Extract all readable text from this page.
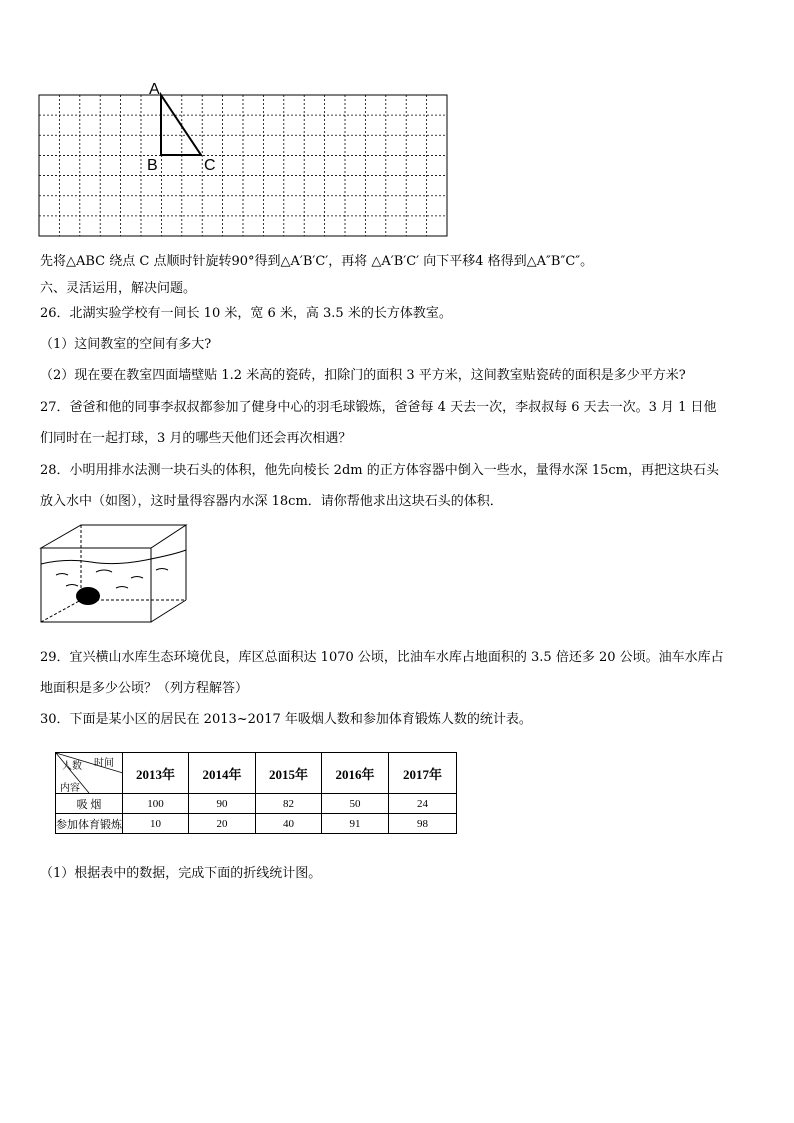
A
B	C
先将△ABC 绕点 C 点顺时针旋转90°得到△A′B′C′，再将 △A′B′C′ 向下平移4 格得到△A″B″C″。
六、灵活运用，解决问题。
26．北湖实验学校有一间长 10 米，宽 6 米，高 3.5 米的长方体教室。
（1）这间教室的空间有多大?
（2）现在要在教室四面墙壁贴 1.2 米高的瓷砖，扣除门的面积 3 平方米，这间教室贴瓷砖的面积是多少平方米?
27．爸爸和他的同事李叔叔都参加了健身中心的羽毛球锻炼，爸爸每 4 天去一次，李叔叔每 6 天去一次。3 月 1 日他
们同时在一起打球，3 月的哪些天他们还会再次相遇？
28．小明用排水法测一块石头的体积，他先向棱长 2dm 的正方体容器中倒入一些水，量得水深 15cm，再把这块石头
放入水中（如图），这时量得容器内水深 18cm．请你帮他求出这块石头的体积．
29．宜兴横山水库生态环境优良，库区总面积达 1070 公顷，比油车水库占地面积的 3.5 倍还多 20 公顷。油车水库占
地面积是多少公顷？（列方程解答）
30．下面是某小区的居民在 2013~2017 年吸烟人数和参加体育锻炼人数的统计表。
时间
人数
内容	2013年	2014年	2015年	2016年	2017年
吸 烟	100	90	82	50	24
参加体育锻炼	10	20	40	91	98
（1）根据表中的数据，完成下面的折线统计图。
